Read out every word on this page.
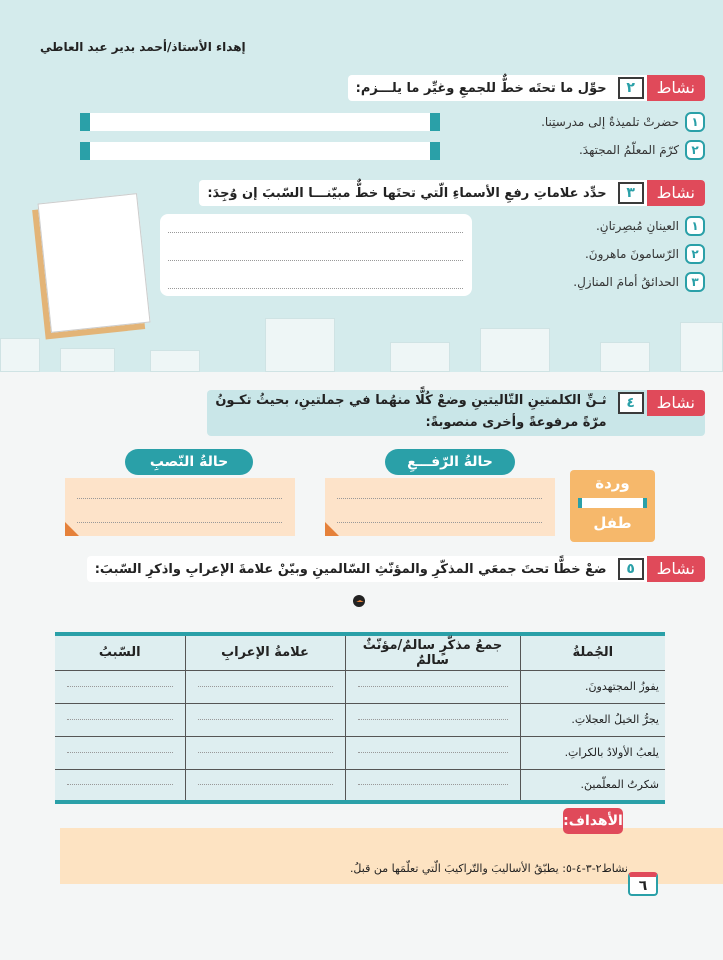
إهداء الأستاذ/أحمد بدير عبد العاطي
نشاط
٢
حوِّل ما تحتَه خطٌّ للجمعِ وغيِّر ما يلـــزم:
١
حضرتْ تلميذةٌ إلى مدرستِنا.
٢
كرّمَ المعلّمُ المجتهدَ.
نشاط
٣
حدِّد علاماتِ رفعِ الأسماءِ الّتي تحتَها خطٌّ مبيّنـــا السّببَ إن وُجِدَ:
١
العينانِ مُبصِرتانِ.
٢
الرّسامونَ ماهرونَ.
٣
الحدائقُ أمامَ المنازلِ.
نشاط
٤
ثـنِّ الكلمتينِ التّاليتينِ وضعْ كُلًّا منهُما في جملتينِ، بحيثُ تكـونُ
مرّةً مرفوعةً وأخرى منصوبةً:
حالةُ الرّفـــعِ
حالةُ النّصبِ
وردة
طفل
نشاط
٥
ضعْ خطًّا تحتَ جمعَي المذكّرِ والمؤنّثِ السّالمينِ وبيّنْ علامةَ الإعرابِ واذكرِ السّببَ:
الجُملةُ	جمعُ مذكّرٍ سالمٌ/مؤنّثٌ سالمٌ	علامةُ الإعرابِ	السّببُ
يفوزُ المجتهدونَ.	

يجرُّ الخيلُ العجلاتِ.	

يلعبُ الأولادُ بالكراتِ.	

شكرتُ المعلّمينَ.	

الأهداف:
نشاط٢-٣-٤-٥: يطبّقُ الأساليبَ والتّراكيبَ الّتي تعلّمَها من قبلُ.
٦
